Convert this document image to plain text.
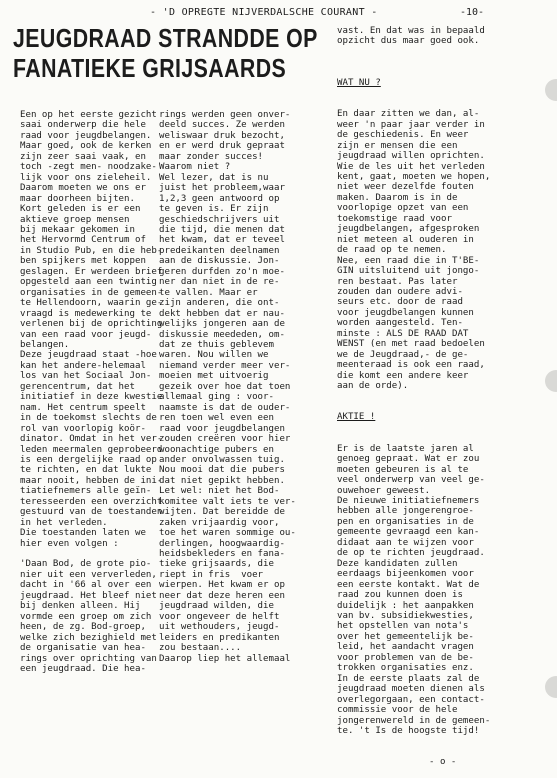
- 'D OPREGTE NIJVERDALSCHE COURANT -	-10-
JEUGDRAAD STRANDDE OP
FANATIEKE GRIJSAARDS
Een op het eerste gezicht
saai onderwerp die hele
raad voor jeugdbelangen.
Maar goed, ook de kerken
zijn zeer saai vaak, en
toch -zegt men- noodzake-
lijk voor ons zieleheil.
Daarom moeten we ons er
maar doorheen bijten.
Kort geleden is er een
aktieve groep mensen
bij mekaar gekomen in
het Hervormd Centrum of
in Studio Pub, en die heb-
ben spijkers met koppen
geslagen. Er werdeen brief
opgesteld aan een twintig
organisaties in de gemeen-
te Hellendoorn, waarin ge-
vraagd is medewerking te
verlenen bij de oprichting
van een raad voor jeugd-
belangen.
Deze jeugdraad staat -hoe
kan het andere-helemaal
los van het Sociaal Jon-
gerencentrum, dat het
initiatief in deze kwestie
nam. Het centrum speelt
in de toekomst slechts de
rol van voorlopig koör-
dinator. Omdat in het ver-
leden meermalen geprobeerd
is een dergelijke raad op
te richten, en dat lukte
maar nooit, hebben de ini-
tiatiefnemers alle geïn-
teresseerden een overzicht
gestuurd van de toestanden
in het verleden.
Die toestanden laten we
hier even volgen :
'Daan Bod, de grote pio-
nier uit een ververleden,
dacht in '66 al over een
jeugdraad. Het bleef niet
bij denken alleen. Hij
vormde een groep om zich
heen, de zg. Bod-groep,
welke zich bezighield met
de organisatie van hea-
rings over oprichting van
een jeugdraad. Die hea-
rings werden geen onver-
deeld succes. Ze werden
weliswaar druk bezocht,
en er werd druk gepraat
maar zonder succes!
Waarom niet ?
Wel lezer, dat is nu
juist het probleem,waar
1,2,3 geen antwoord op
te geven is. Er zijn
geschiedschrijvers uit
die tijd, die menen dat
het kwam, dat er teveel
predeikanten deelnamen
aan de diskussie. Jon-
geren durfden zo'n moe-
ner dan niet in de re-
te vallen. Maar er
zijn anderen, die ont-
dekt hebben dat er nau-
welijks jongeren aan de
diskussie meededen, om-
dat ze thuis geblevem
waren. Nou willen we
niemand verder meer ver-
moeien met uitvoerig
gezeik over hoe dat toen
allemaal ging : voor-
naamste is dat de ouder-
ren toen wel even een
raad voor jeugdbelangen
zouden creëren voor hier
woonachtige pubers en
ander onvolwassen tuig.
Nou mooi dat die pubers
dat niet gepikt hebben.
Let wel: niet het Bod-
komitee valt iets te ver-
wijten. Dat bereidde de
zaken vrijaardig voor,
toe het waren sommige ou-
derlingen, hoogwaardig-
heidsbekleders en fana-
tieke grijsaards, die
riept in fris  voer
wierpen. Het kwam er op
neer dat deze heren een
jeugdraad wilden, die
voor ongeveer de helft
uit wethouders, jeugd-
leiders en predikanten
zou bestaan....
Daarop liep het allemaal
vast. En dat was in bepaald
opzicht dus maar goed ook.

WAT NU ?

En daar zitten we dan, al-
weer 'n paar jaar verder in
de geschiedenis. En weer
zijn er mensen die een
jeugdraad willen oprichten.
Wie de les uit het verleden
kent, gaat, moeten we hopen,
niet weer dezelfde fouten
maken. Daarom is in de
voorlopige opzet van een
toekomstige raad voor
jeugdbelangen, afgesproken
niet meteen al ouderen in
de raad op te nemen.
Nee, een raad die in T'BE-
GIN uitsluitend uit jongo-
ren bestaat. Pas later
zouden dan oudere advi-
seurs etc. door de raad
voor jeugdbelangen kunnen
worden aangesteld. Ten-
minste : ALS DE RAAD DAT
WENST (en met raad bedoelen
we de Jeugdraad,- de ge-
meenteraad is ook een raad,
die komt een andere keer
aan de orde).

AKTIE !

Er is de laatste jaren al
genoeg gepraat. Wat er zou
moeten gebeuren is al te
veel onderwerp van veel ge-
ouwehoer geweest.
De nieuwe initiatiefnemers
hebben alle jongerengroe-
pen en organisaties in de
gemeente gevraagd een kan-
didaat aan te wijzen voor
de op te richten jeugdraad.
Deze kandidaten zullen
eerdaags bijeenkomen voor
een eerste kontakt. Wat de
raad zou kunnen doen is
duidelijk : het aanpakken
van bv. subsidiekwesties,
het opstellen van nota's
over het gemeentelijk be-
leid, het aandacht vragen
voor problemen van de be-
trokken organisaties enz.
In de eerste plaats zal de
jeugdraad moeten dienen als
overlegorgaan, een contact-
commissie voor de hele
jongerenwereld in de gemeen-
te. 't Is de hoogste tijd!

- o -
